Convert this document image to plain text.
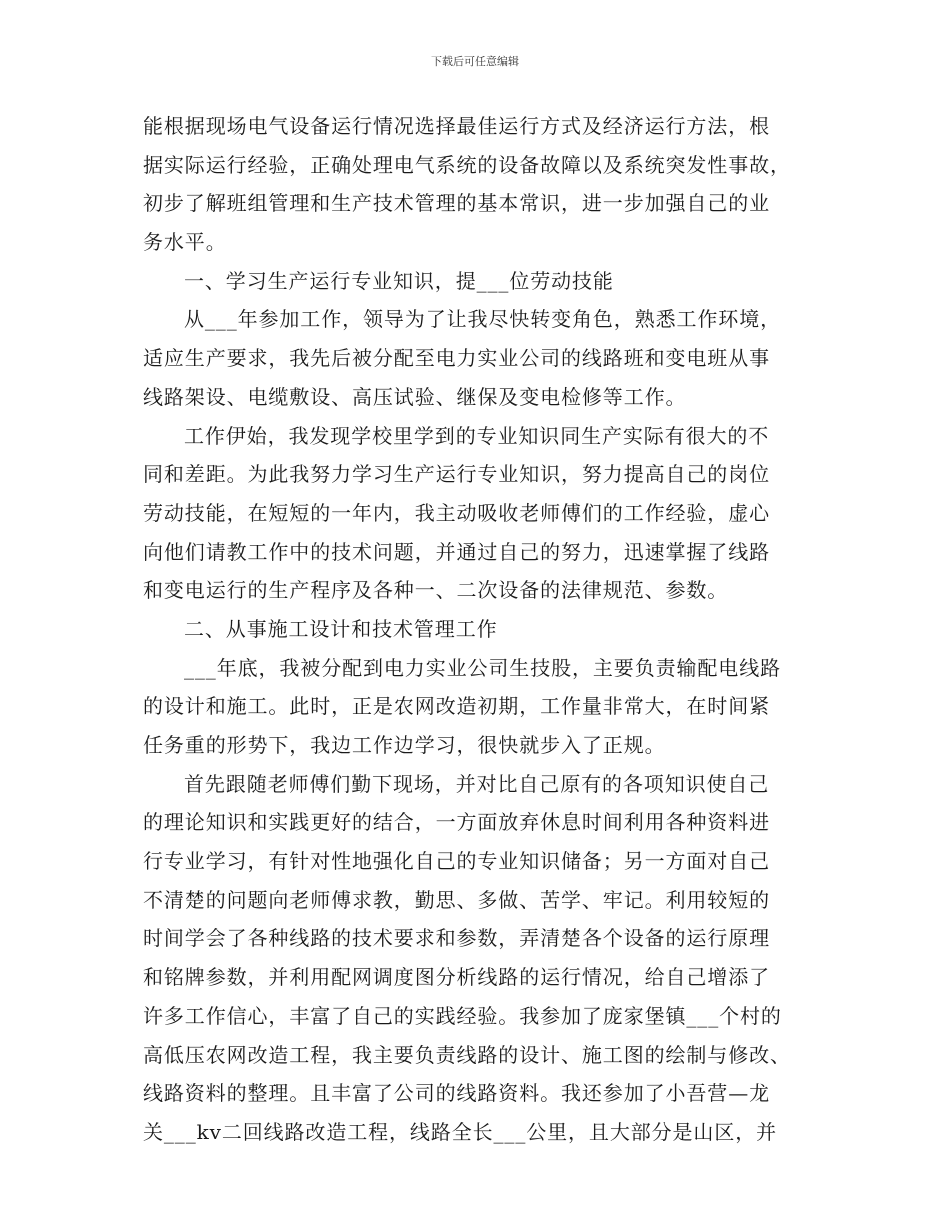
下载后可任意编辑
能根据现场电气设备运行情况选择最佳运行方式及经济运行方法，根
据实际运行经验，正确处理电气系统的设备故障以及系统突发性事故，
初步了解班组管理和生产技术管理的基本常识，进一步加强自己的业
务水平。
一、学习生产运行专业知识，提___位劳动技能
从___年参加工作，领导为了让我尽快转变角色，熟悉工作环境，
适应生产要求，我先后被分配至电力实业公司的线路班和变电班从事
线路架设、电缆敷设、高压试验、继保及变电检修等工作。
工作伊始，我发现学校里学到的专业知识同生产实际有很大的不
同和差距。为此我努力学习生产运行专业知识，努力提高自己的岗位
劳动技能，在短短的一年内，我主动吸收老师傅们的工作经验，虚心
向他们请教工作中的技术问题，并通过自己的努力，迅速掌握了线路
和变电运行的生产程序及各种一、二次设备的法律规范、参数。
二、从事施工设计和技术管理工作
___年底，我被分配到电力实业公司生技股，主要负责输配电线路
的设计和施工。此时，正是农网改造初期，工作量非常大，在时间紧
任务重的形势下，我边工作边学习，很快就步入了正规。
首先跟随老师傅们勤下现场，并对比自己原有的各项知识使自己
的理论知识和实践更好的结合，一方面放弃休息时间利用各种资料进
行专业学习，有针对性地强化自己的专业知识储备；另一方面对自己
不清楚的问题向老师傅求教，勤思、多做、苦学、牢记。利用较短的
时间学会了各种线路的技术要求和参数，弄清楚各个设备的运行原理
和铭牌参数，并利用配网调度图分析线路的运行情况，给自己增添了
许多工作信心，丰富了自己的实践经验。我参加了庞家堡镇___个村的
高低压农网改造工程，我主要负责线路的设计、施工图的绘制与修改、
线路资料的整理。且丰富了公司的线路资料。我还参加了小吾营—龙
关___kv二回线路改造工程，线路全长___公里，且大部分是山区，并
